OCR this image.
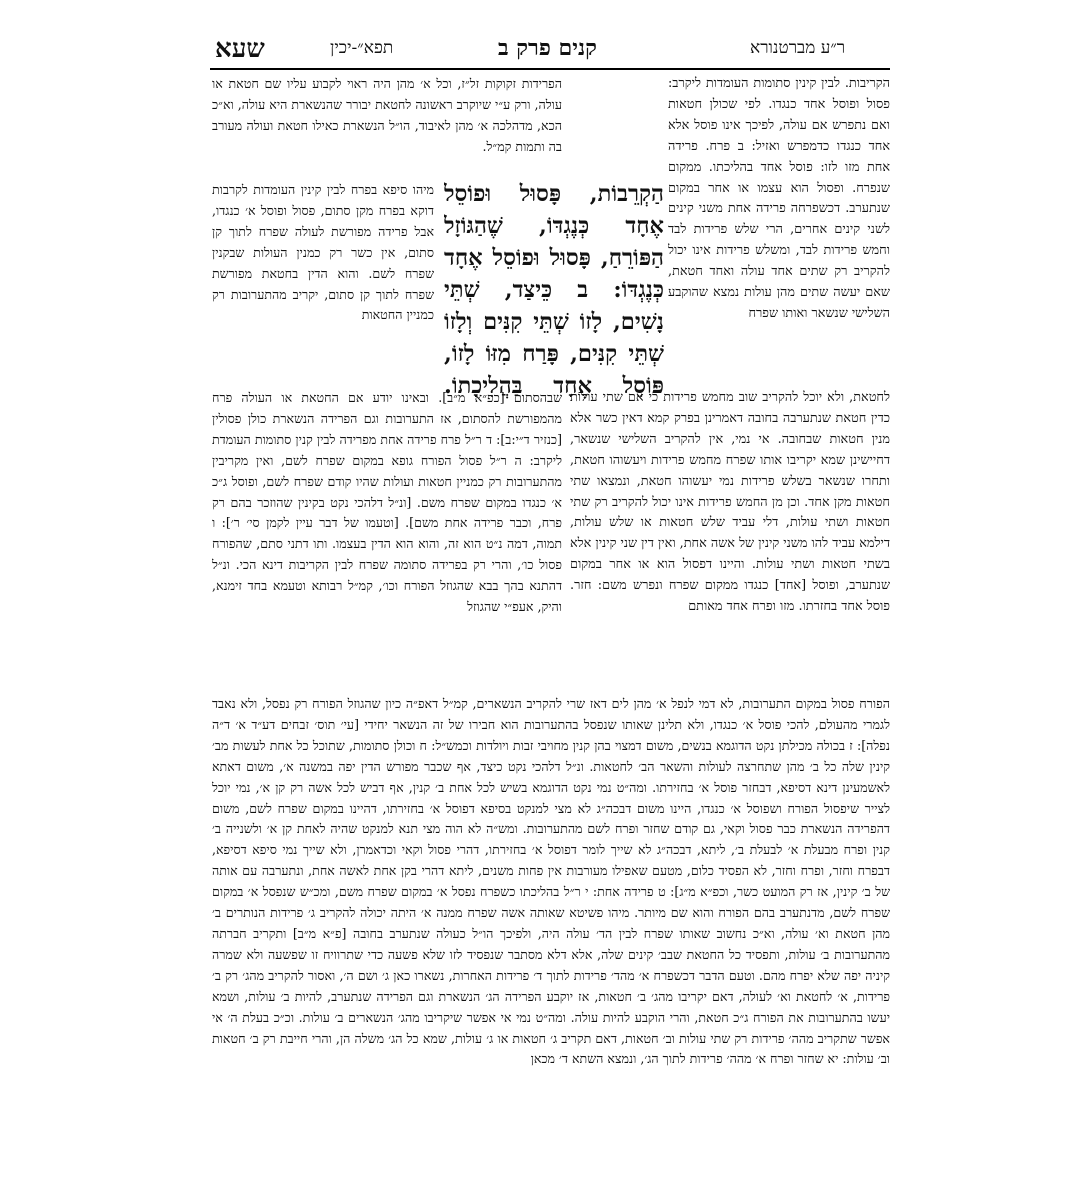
ר״ע מברטנורא
קנים פרק ב
תפא״-יכין
שעא

הקריבות. לבין קינין סתומות העומדות ליקרב: פסול ופוסל אחד כנגדו. לפי שכולן חטאות ואם נתפרש אם עולה, לפיכך אינו פוסל אלא אחד כנגדו כדמפרש ואזיל: ב פרח. פרידה אחת מזו לזו: פוסל אחד בהליכתו. ממקום שנפרח. ופסול הוא עצמו או אחר במקום שנתערב. דכשפרחה פרידה אחת משני קינים לשני קינים אחרים, הרי שלש פרידות לבד וחמש פרידות לבד, ומשלש פרידות אינו יכול להקריב רק שתים אחד עולה ואחד חטאת, שאם יעשה שתים מהן עולות נמצא שהוקבע השלישי שנשאר ואותו שפרח

הַקְרֵבוֹת, פָּסוּל וּפוֹסֵל אֶחָד כְּנֶגְדּוֹ, שֶׁהַגּוֹזָל הַפּוֹרֵחַ, פָּסוּל וּפוֹסֵל אֶחָד כְּנֶגְדּוֹ: ב כֵּיצַד, שְׁתֵּי נָשִׁים, לָזוֹ שְׁתֵּי קִנִּים וְלָזוֹ שְׁתֵּי קִנִּים, פָּרַח מִזּוֹ לָזוֹ, פּוֹסֵל אֶחָד בַּהֲלִיכָתוֹ.

הפרידות זקוקות זל״ז, וכל א׳ מהן היה ראוי לקבוע עליו שם חטאת או עולה, ורק ע״י שיוקרב ראשונה לחטאת יבורר שהנשארת היא עולה, וא״כ הכא, מדהלכה א׳ מהן לאיבוד, הו״ל הנשארת כאילו חטאת ועולה מעורב בה ותמות קמ״ל.

מיהו סיפא בפרח לבין קינין העומדות לקרבות דוקא בפרח מקן סתום, פסול ופוסל א׳ כנגדו, אבל פרידה מפורשת לעולה שפרח לתוך קן סתום, אין כשר רק כמנין העולות שבקנין שפרח לשם. והוא הדין בחטאת מפורשת שפרח לתוך קן סתום, יקריב מהתערובות רק כמניין החטאות

לחטאת, ולא יוכל להקריב שוב מחמש פרידות כי אם שתי עולות כדין חטאת שנתערבה בחובה דאמרינן בפרק קמא דאין כשר אלא מנין חטאות שבחובה. אי נמי, אין להקריב השלישי שנשאר, דחיישינן שמא יקריבו אותו שפרח מחמש פרידות ויעשוהו חטאת, ותחרו שנשאר בשלש פרידות נמי יעשוהו חטאת, ונמצאו שתי חטאות מקן אחד. וכן מן החמש פרידות אינו יכול להקריב רק שתי חטאות ושתי עולות, דלי עביד שלש חטאות או שלש עולות, דילמא עביד להו משני קינין של אשה אחת, ואין דין שני קינין אלא בשתי חטאות ושתי עולות. והיינו דפסול הוא או אחר במקום שנתערב, ופוסל [אחד] כנגדו ממקום שפרח ונפרש משם: חזר. פוסל אחד בחזרתו. מזו ופרח אחד מאותם

שבהסתום [כפ״א מ״ב]. ובאינו יודע אם החטאת או העולה פרח מהמפורשת להסתום, אז התערובות וגם הפרידה הנשארת כולן פסולין [כנזיר ד״י:ב]: ד ר״ל פרח פרידה אחת מפרידה לבין קנין סתומות העומדת ליקרב: ה ר״ל פסול הפורח גופא במקום שפרח לשם, ואין מקריבין מהתערובות רק כמניין חטאות ועולות שהיו קודם שפרח לשם, ופוסל ג״כ א׳ כנגדו במקום שפרח משם. [ונ״ל דלהכי נקט בקינין שהוזכר בהם רק פרח, וכבר פרידה אחת משם]. [וטעמו של דבר עיין לקמן סי׳ ר׳]: ו תמוה, דמה נ״ט הוא זה, והוא הוא הדין בעצמו. ותו דתני סתם, שהפורח פסול כו׳, והרי רק בפרידה סתומה שפרח לבין הקריבות דינא הכי. ונ״ל דהתנא בהך בבא שהגוזל הפורח וכו׳, קמ״ל רבותא וטעמא בחד זימנא, והיק, אעפ״י שהגוזל

הפורח פסול במקום התערובות, לא דמי לנפל א׳ מהן לים דאז שרי להקריב הנשארים, קמ״ל דאפ״ה כיון שהגוזל הפורח רק נפסל, ולא נאבד לגמרי מהעולם, להכי פוסל א׳ כנגדו, ולא תלינן שאותו שנפסל בהתערובות הוא חבירו של זה הנשאר יחידי [עי׳ תוס׳ זבחים דע״ד א׳ ד״ה נפלה]: ז בכולה מכילתן נקט הדוגמא בנשים, משום דמצוי בהן קנין מחויבי זבות ויולדות וכמש״ל: ח וכולן סתומות, שתוכל כל אחת לעשות מב׳ קינין שלה כל ב׳ מהן שתחרצה לעולות והשאר הב׳ לחטאות. ונ״ל דלהכי נקט כיצד, אף שכבר מפורש הדין יפה במשנה א׳, משום דאתא לאשמעינן דינא דסיפא, דבחזר פוסל א׳ בחזירתו. ומה״ט נמי נקט הדוגמא בשיש לכל אחת ב׳ קנין, אף דביש לכל אשה רק קן א׳, נמי יוכל לצייר שיפסול הפורח ושפוסל א׳ כנגדו, היינו משום דבכה״ג לא מצי למנקט בסיפא דפוסל א׳ בחזירתו, דהיינו במקום שפרח לשם, משום דהפרידה הנשארת כבר פסול וקאי, גם קודם שחזר ופרח לשם מהתערובות. ומש״ה לא הוה מצי תנא למנקט שהיה לאחת קן א׳ ולשנייה ב׳ קנין ופרח מבעלת א׳ לבעלת ב׳, ליתא, דבכה״ג לא שייך לומר דפוסל א׳ בחזירתו, דהרי פסול וקאי וכדאמרן, ולא שייך נמי סיפא דסיפא, דבפרח וחזר, ופרח וחזר, לא הפסיד כלום, מטעם שאפילו מעורבות אין פחות משנים, ליתא דהרי בקן אחת לאשה אחת, ונתערבה עם אותה של ב׳ קינין, אז רק המועט כשר, וכפ״א מ״ג]: ט פרידה אחת: י ר״ל בהליכתו כשפרח נפסל א׳ במקום שפרח משם, ומכ״ש שנפסל א׳ במקום שפרח לשם, מדנתערב בהם הפורח והוא שם מיותר. מיהו פשיטא שאותה אשה שפרח ממנה א׳ היתה יכולה להקריב ג׳ פרידות הנותרים ב׳ מהן חטאת וא׳ עולה, וא״כ נחשוב שאותו שפרח לבין הד׳ עולה היה, ולפיכך הו״ל כעולה שנתערב בחובה [פ״א מ״ב] ותקריב חברתה מהתערובות ב׳ עולות, ותפסיד כל החטאת שבב׳ קינים שלה, אלא דלא מסתבר שנפסיד לזו שלא פשעה כדי שתרוויח זו שפשעה ולא שמרה קיניה יפה שלא יפרח מהם. וטעם הדבר דכשפרח א׳ מהד׳ פרידות לתוך ד׳ פרידות האחרות, נשארו כאן ג׳ ושם ה׳, ואסור להקריב מהג׳ רק ב׳ פרידות, א׳ לחטאת וא׳ לעולה, דאם יקריבו מהג׳ ב׳ חטאות, אז יוקבע הפרידה הג׳ הנשארת וגם הפרידה שנתערב, להיות ב׳ עולות, ושמא יעשו בהתערובות את הפורח ג״כ חטאת, והרי הוקבע להיות עולה. ומה״ט נמי אי אפשר שיקריבו מהג׳ הנשארים ב׳ עולות. וכ״כ בעלת ה׳ אי אפשר שתקריב מהה׳ פרידות רק שתי עולות וב׳ חטאות, דאם תקריב ג׳ חטאות או ג׳ עולות, שמא כל הג׳ משלה הן, והרי חייבת רק ב׳ חטאות וב׳ עולות: יא שחזר ופרח א׳ מהה׳ פרידות לתוך הג׳, ונמצא השתא ד׳ מכאן
